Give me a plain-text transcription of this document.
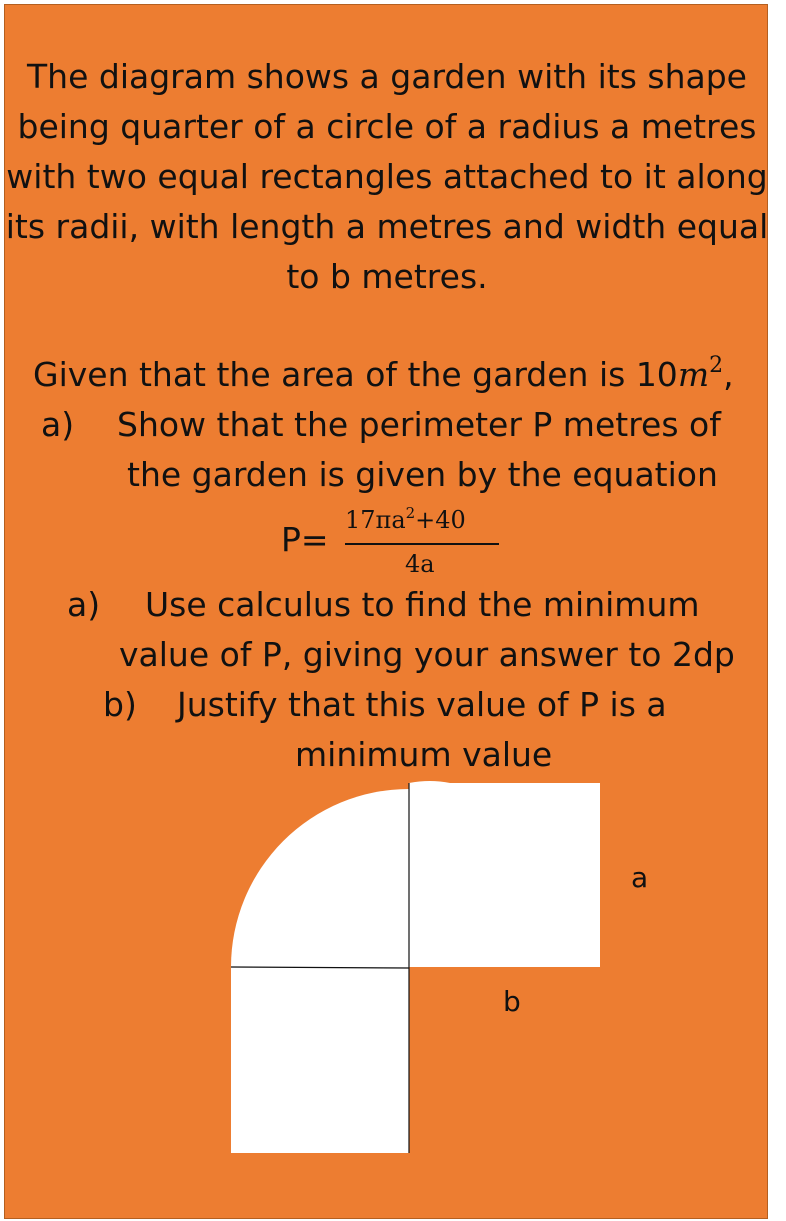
The diagram shows a garden with its shape being quarter of a circle of a radius a metres with two equal rectangles attached to it along its radii, with length a metres and width equal to b metres.

Given that the area of the garden is $10m^2$,
a) Show that the perimeter P metres of
the garden is given by the equation
$P= 17\pi a^2+40$
4a
a) Use calculus to find the minimum
value of P, giving your answer to 2dp
b) Justify that this value of P is a
minimum value
a
b
